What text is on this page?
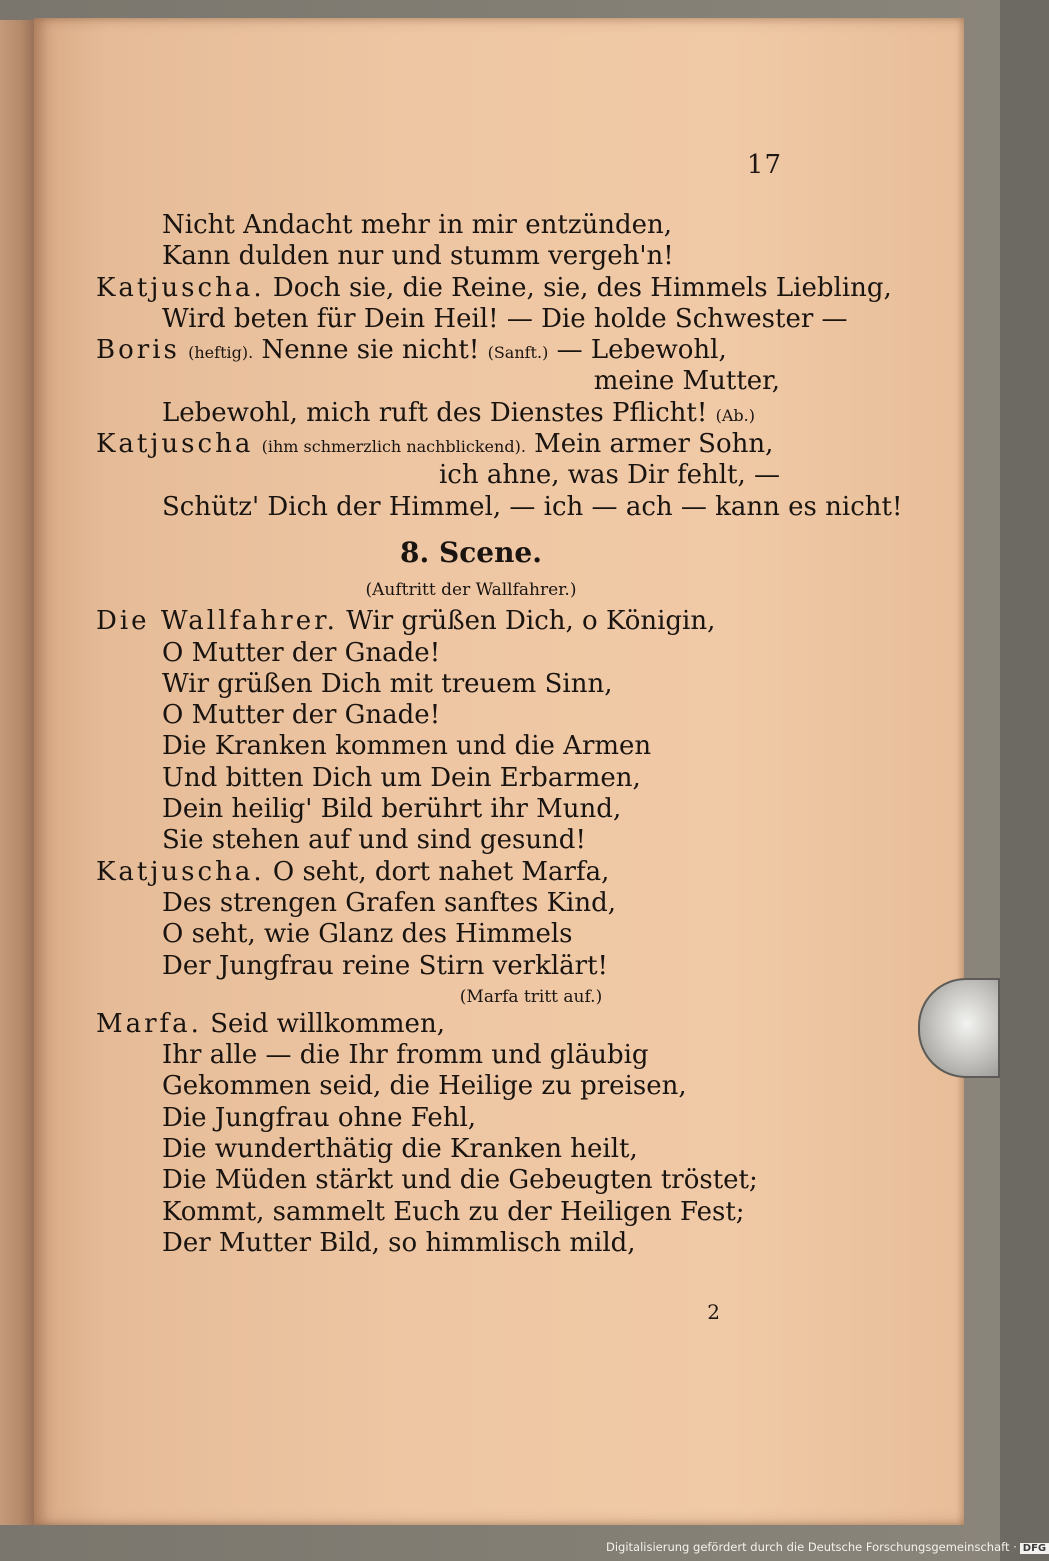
17
Nicht Andacht mehr in mir entzünden,
Kann dulden nur und stumm vergeh'n!
Katjuscha. Doch sie, die Reine, sie, des Himmels Liebling,
Wird beten für Dein Heil! — Die holde Schwester —
Boris (heftig). Nenne sie nicht! (Sanft.) — Lebewohl,
meine Mutter,
Lebewohl, mich ruft des Dienstes Pflicht! (Ab.)
Katjuscha (ihm schmerzlich nachblickend). Mein armer Sohn,
ich ahne, was Dir fehlt, —
Schütz' Dich der Himmel, — ich — ach — kann es nicht!
8. Scene.
(Auftritt der Wallfahrer.)
Die Wallfahrer. Wir grüßen Dich, o Königin,
O Mutter der Gnade!
Wir grüßen Dich mit treuem Sinn,
O Mutter der Gnade!
Die Kranken kommen und die Armen
Und bitten Dich um Dein Erbarmen,
Dein heilig' Bild berührt ihr Mund,
Sie stehen auf und sind gesund!
Katjuscha. O seht, dort nahet Marfa,
Des strengen Grafen sanftes Kind,
O seht, wie Glanz des Himmels
Der Jungfrau reine Stirn verklärt!
(Marfa tritt auf.)
Marfa. Seid willkommen,
Ihr alle — die Ihr fromm und gläubig
Gekommen seid, die Heilige zu preisen,
Die Jungfrau ohne Fehl,
Die wunderthätig die Kranken heilt,
Die Müden stärkt und die Gebeugten tröstet;
Kommt, sammelt Euch zu der Heiligen Fest;
Der Mutter Bild, so himmlisch mild,
2
Digitalisierung gefördert durch die Deutsche Forschungsgemeinschaft · DFG
